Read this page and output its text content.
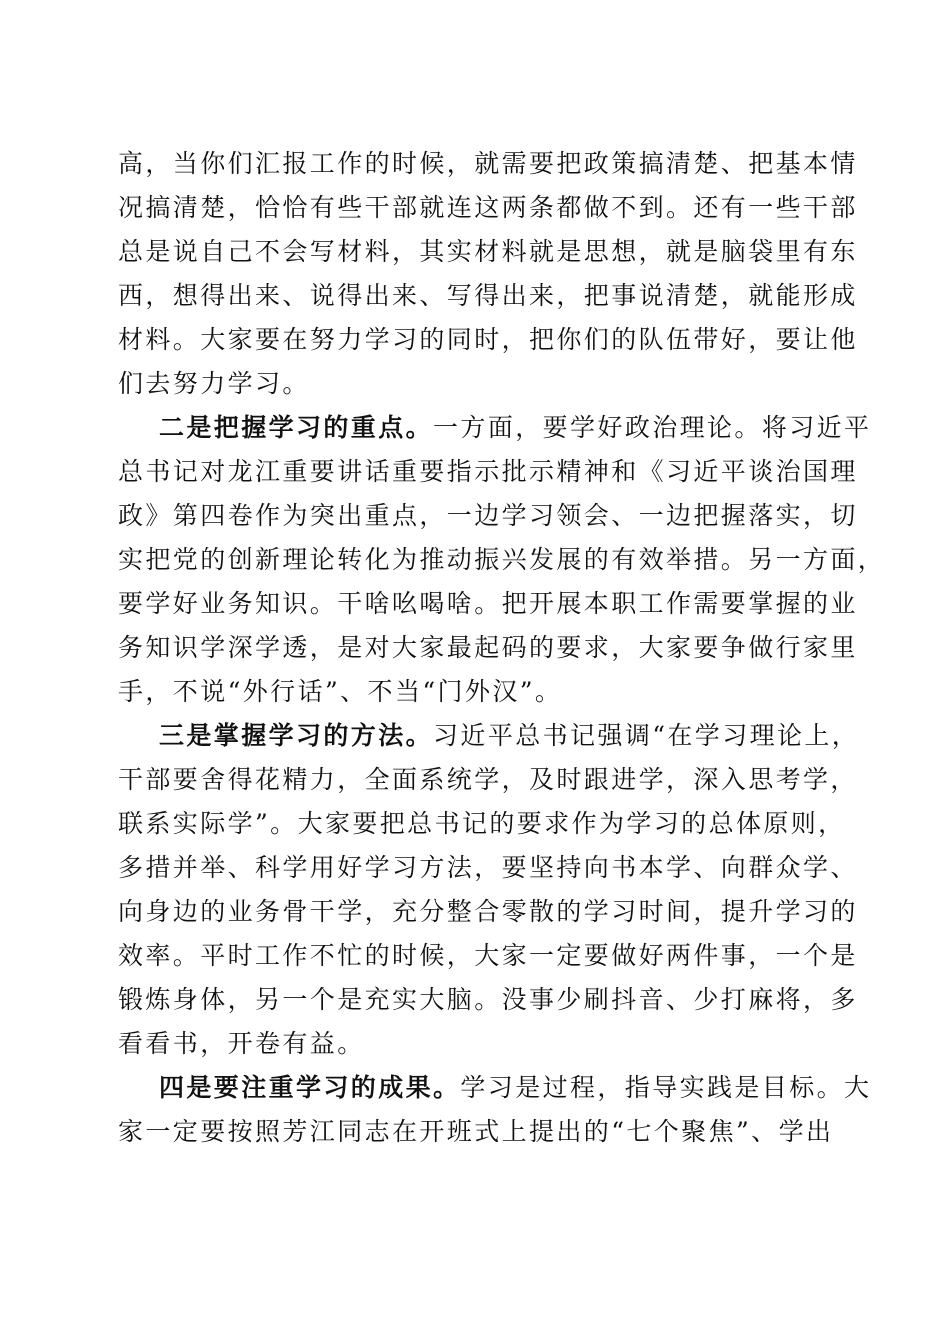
高，当你们汇报工作的时候，就需要把政策搞清楚、把基本情
况搞清楚，恰恰有些干部就连这两条都做不到。还有一些干部
总是说自己不会写材料，其实材料就是思想，就是脑袋里有东
西，想得出来、说得出来、写得出来，把事说清楚，就能形成
材料。大家要在努力学习的同时，把你们的队伍带好，要让他
们去努力学习。
二是把握学习的重点。一方面，要学好政治理论。将习近平
总书记对龙江重要讲话重要指示批示精神和《习近平谈治国理
政》第四卷作为突出重点，一边学习领会、一边把握落实，切
实把党的创新理论转化为推动振兴发展的有效举措。另一方面，
要学好业务知识。干啥吆喝啥。把开展本职工作需要掌握的业
务知识学深学透，是对大家最起码的要求，大家要争做行家里
手，不说“外行话”、不当“门外汉”。
三是掌握学习的方法。习近平总书记强调“在学习理论上，
干部要舍得花精力，全面系统学，及时跟进学，深入思考学，
联系实际学”。大家要把总书记的要求作为学习的总体原则，
多措并举、科学用好学习方法，要坚持向书本学、向群众学、
向身边的业务骨干学，充分整合零散的学习时间，提升学习的
效率。平时工作不忙的时候，大家一定要做好两件事，一个是
锻炼身体，另一个是充实大脑。没事少刷抖音、少打麻将，多
看看书，开卷有益。
四是要注重学习的成果。学习是过程，指导实践是目标。大
家一定要按照芳江同志在开班式上提出的“七个聚焦”、学出
